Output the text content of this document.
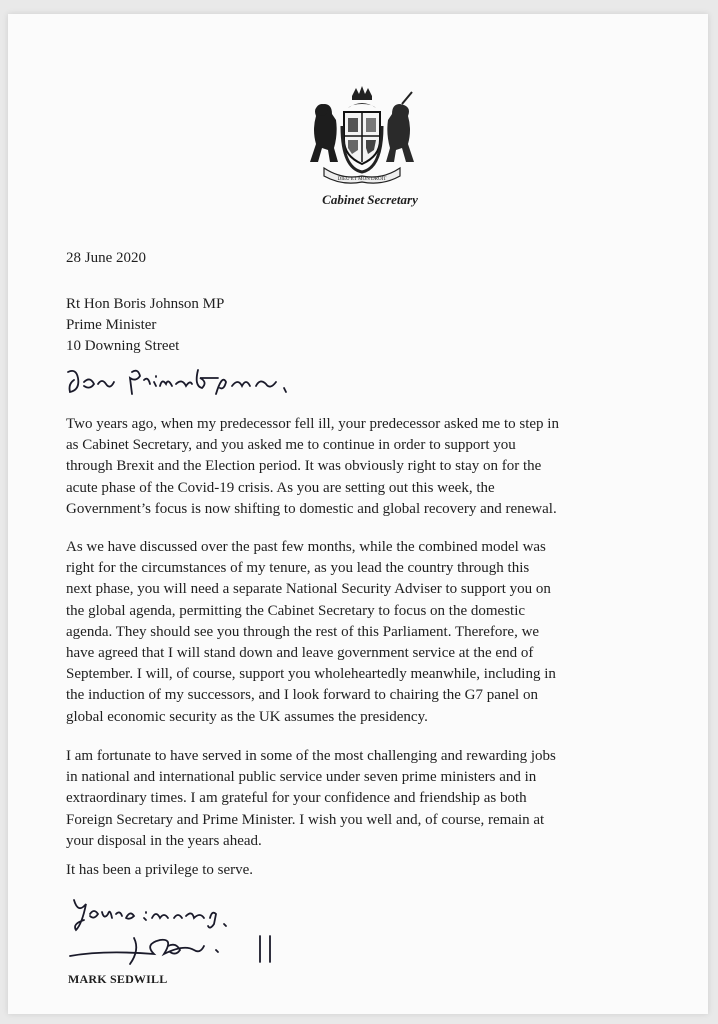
DIEU ET MON DROIT
Cabinet Secretary
28 June 2020
Rt Hon Boris Johnson MP
Prime Minister
10 Downing Street
Two years ago, when my predecessor fell ill, your predecessor asked me to step in
as Cabinet Secretary, and you asked me to continue in order to support you
through Brexit and the Election period. It was obviously right to stay on for the
acute phase of the Covid-19 crisis. As you are setting out this week, the
Government’s focus is now shifting to domestic and global recovery and renewal.
As we have discussed over the past few months, while the combined model was
right for the circumstances of my tenure, as you lead the country through this
next phase, you will need a separate National Security Adviser to support you on
the global agenda, permitting the Cabinet Secretary to focus on the domestic
agenda. They should see you through the rest of this Parliament. Therefore, we
have agreed that I will stand down and leave government service at the end of
September. I will, of course, support you wholeheartedly meanwhile, including in
the induction of my successors, and I look forward to chairing the G7 panel on
global economic security as the UK assumes the presidency.
I am fortunate to have served in some of the most challenging and rewarding jobs
in national and international public service under seven prime ministers and in
extraordinary times. I am grateful for your confidence and friendship as both
Foreign Secretary and Prime Minister. I wish you well and, of course, remain at
your disposal in the years ahead.
It has been a privilege to serve.
MARK SEDWILL
